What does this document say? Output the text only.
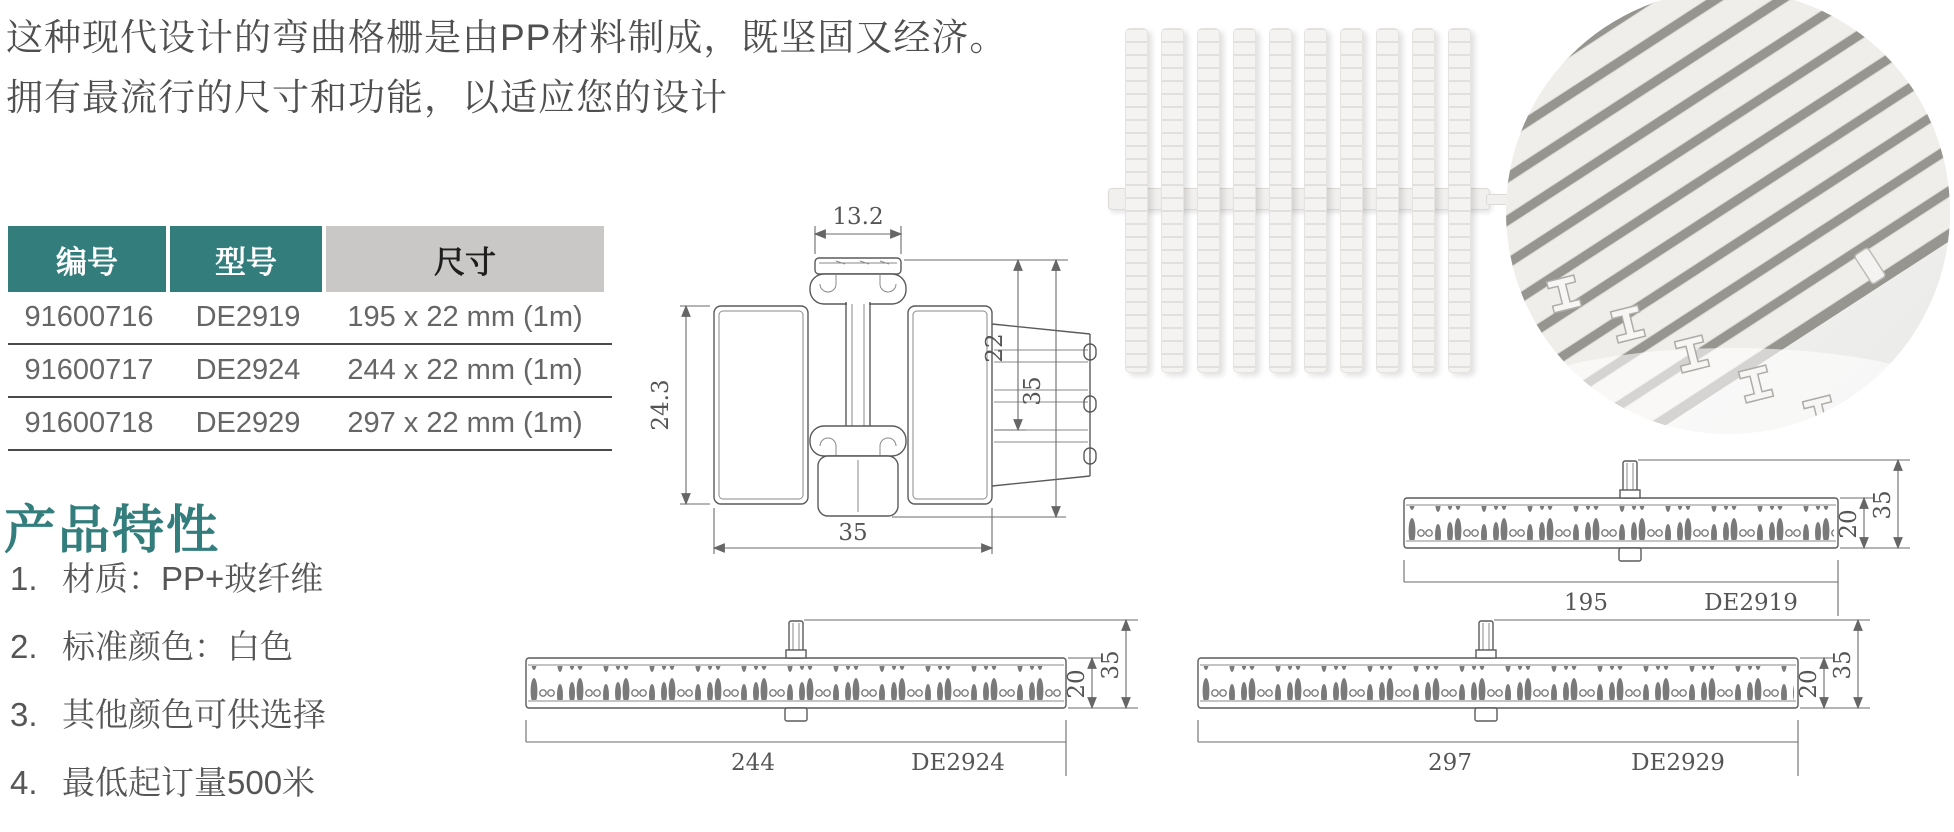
这种现代设计的弯曲格栅是由PP材料制成，既坚固又经济。
拥有最流行的尺寸和功能，以适应您的设计
编号	型号	尺寸
91600716	DE2919	195 x 22 mm (1m)
91600717	DE2924	244 x 22 mm (1m)
91600718	DE2929	297 x 22 mm (1m)
产品特性
1. 材质：PP+玻纤维
2. 标准颜色：白色
3. 其他颜色可供选择
4. 最低起订量500米
13.2
24.3
22
35
35	20
35
195	DE2919
20
35
244	DE2924
20
35
297	DE2929
